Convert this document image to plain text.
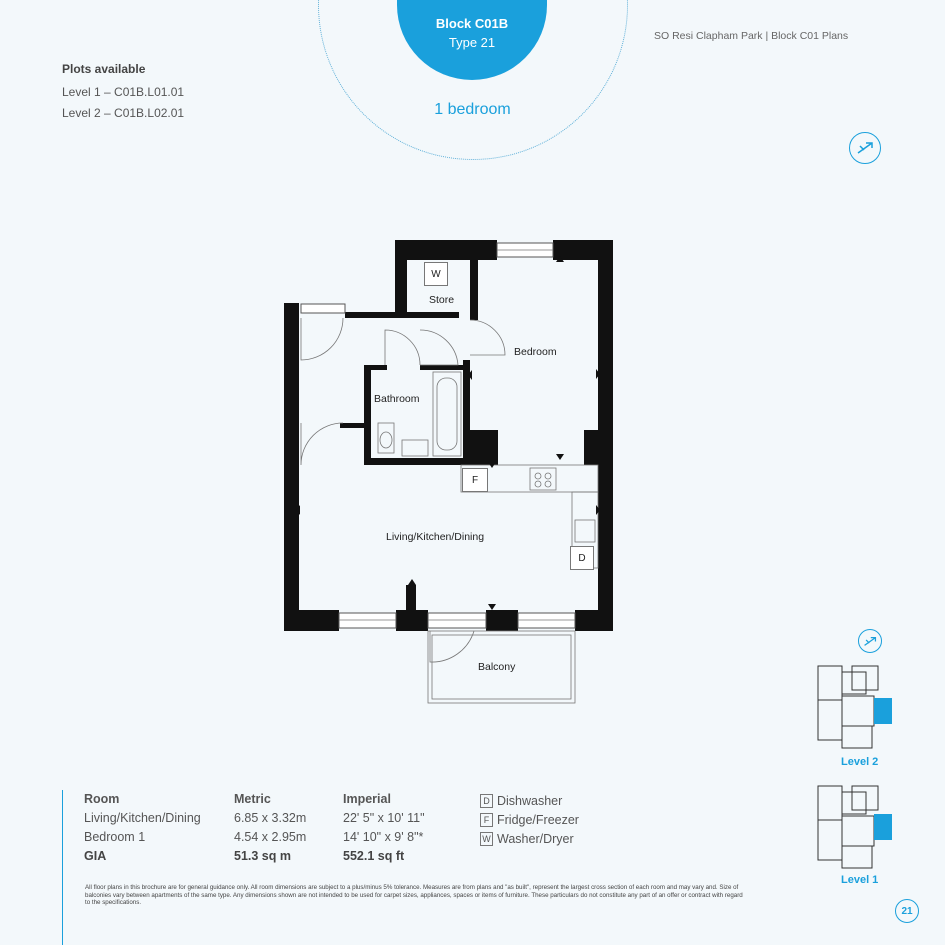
Block C01B
Type 21
1 bedroom
SO Resi Clapham Park | Block C01 Plans
Plots available
Level 1 – C01B.L01.01
Level 2 – C01B.L02.01
Store
Bedroom
Bathroom
Living/Kitchen/Dining
Balcony
W
F
D
Level 2
Level 1
Room	Metric	Imperial
Living/Kitchen/Dining	6.85 x 3.32m	22' 5" x 10' 11"
Bedroom 1	4.54 x 2.95m	14' 10" x 9' 8"*
GIA	51.3 sq m	552.1 sq ft
D Dishwasher
F Fridge/Freezer
W Washer/Dryer
All floor plans in this brochure are for general guidance only. All room dimensions are subject to a plus/minus 5% tolerance. Measures are from plans and "as built", represent the largest cross section of each room and may vary and. Size of balconies vary between apartments of the same type. Any dimensions shown are not intended to be used for carpet sizes, appliances, spaces or items of furniture. These particulars do not constitute any part of an offer or contract with regard to the specifications.
21
